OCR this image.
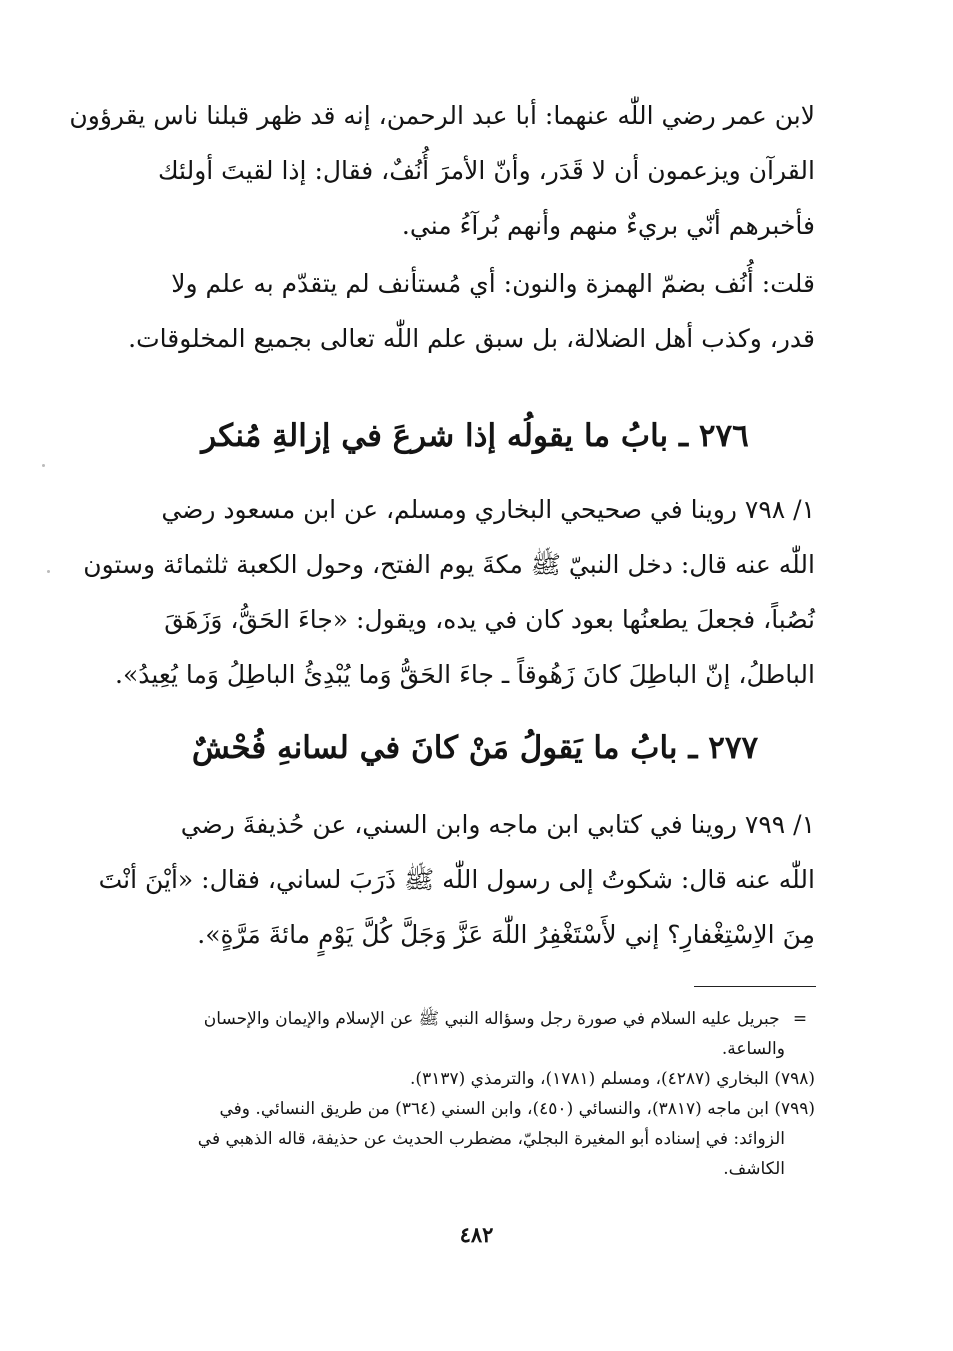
لابن عمر رضي اللّٰه عنهما: أبا عبد الرحمن، إنه قد ظهر قبلنا ناس يقرؤون
القرآن ويزعمون أن لا قَدَر، وأنّ الأمرَ أُنُفٌ، فقال: إذا لقيتَ أولئك
فأخبرهم أنّي بريءٌ منهم وأنهم بُرآءُ مني.
قلت: أُنُف بضمّ الهمزة والنون: أي مُستأنف لم يتقدّم به علم ولا
قدر، وكذب أهل الضلالة، بل سبق علم اللّٰه تعالى بجميع المخلوقات.
٢٧٦ ـ بابُ ما يقولُه إذا شرعَ في إزالةِ مُنكر
١/ ٧٩٨ روينا في صحيحي البخاري ومسلم، عن ابن مسعود رضي
اللّٰه عنه قال: دخل النبيّ ﷺ مكةَ يوم الفتح، وحول الكعبة ثلثمائة وستون
نُصُباً، فجعلَ يطعنُها بعود كان في يده، ويقول: «جاءَ الحَقُّ، وَزَهَقَ
الباطلُ، إنّ الباطِلَ كانَ زَهُوقاً ـ جاءَ الحَقُّ وَما يُبْدِئُ الباطِلُ وَما يُعِيدُ».
٢٧٧ ـ بابُ ما يَقولُ مَنْ كانَ في لسانهِ فُحْشٌ
١/ ٧٩٩ روينا في كتابي ابن ماجه وابن السني، عن حُذيفةَ رضي
اللّٰه عنه قال: شكوتُ إلى رسول اللّٰه ﷺ ذَرَبَ لساني، فقال: «أيْنَ أنْتَ
مِنَ الاِسْتِغْفارِ؟ إني لأَسْتَغْفِرُ اللّٰهَ عَزَّ وَجَلَّ كُلَّ يَوْمٍ مائةَ مَرَّةٍ».
= جبريل عليه السلام في صورة رجل وسؤاله النبي ﷺ عن الإسلام والإيمان والإحسان
والساعة.
(٧٩٨) البخاري (٤٢٨٧)، ومسلم (١٧٨١)، والترمذي (٣١٣٧).
(٧٩٩) ابن ماجه (٣٨١٧)، والنسائي (٤٥٠)، وابن السني (٣٦٤) من طريق النسائي. وفي
الزوائد: في إسناده أبو المغيرة البجليّ، مضطرب الحديث عن حذيفة، قاله الذهبي في
الكاشف.
٤٨٢
